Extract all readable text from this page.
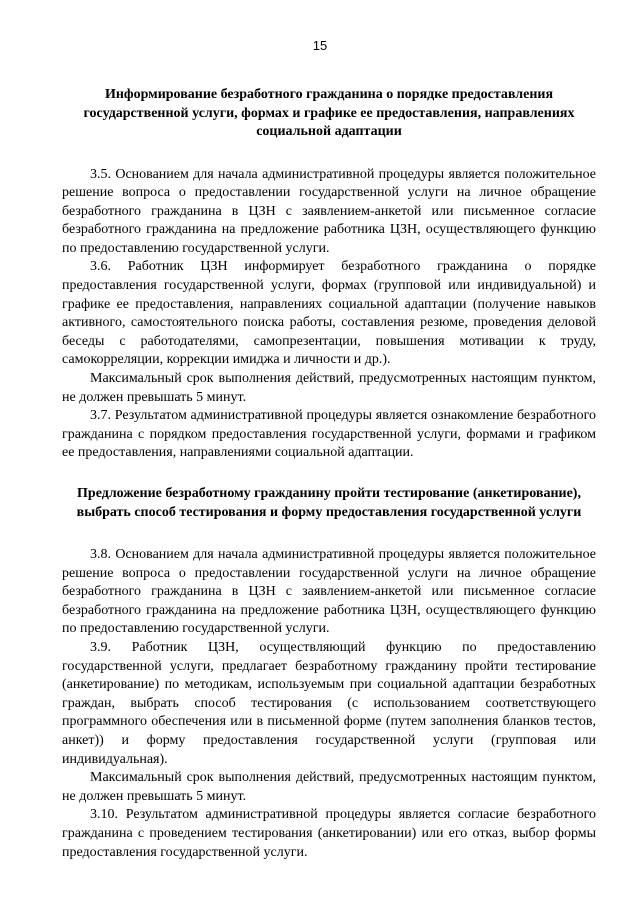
15
Информирование безработного гражданина о порядке предоставления государственной услуги, формах и графике ее предоставления, направлениях социальной адаптации

3.5. Основанием для начала административной процедуры является положительное решение вопроса о предоставлении государственной услуги на личное обращение безработного гражданина в ЦЗН с заявлением-анкетой или письменное согласие безработного гражданина на предложение работника ЦЗН, осуществляющего функцию по предоставлению государственной услуги.

3.6. Работник ЦЗН информирует безработного гражданина о порядке предоставления государственной услуги, формах (групповой или индивидуальной) и графике ее предоставления, направлениях социальной адаптации (получение навыков активного, самостоятельного поиска работы, составления резюме, проведения деловой беседы с работодателями, самопрезентации, повышения мотивации к труду, самокорреляции, коррекции имиджа и личности и др.).

Максимальный срок выполнения действий, предусмотренных настоящим пунктом, не должен превышать 5 минут.

3.7. Результатом административной процедуры является ознакомление безработного гражданина с порядком предоставления государственной услуги, формами и графиком ее предоставления, направлениями социальной адаптации.

Предложение безработному гражданину пройти тестирование (анкетирование), выбрать способ тестирования и форму предоставления государственной услуги

3.8. Основанием для начала административной процедуры является положительное решение вопроса о предоставлении государственной услуги на личное обращение безработного гражданина в ЦЗН с заявлением-анкетой или письменное согласие безработного гражданина на предложение работника ЦЗН, осуществляющего функцию по предоставлению государственной услуги.

3.9. Работник ЦЗН, осуществляющий функцию по предоставлению государственной услуги, предлагает безработному гражданину пройти тестирование (анкетирование) по методикам, используемым при социальной адаптации безработных граждан, выбрать способ тестирования (с использованием соответствующего программного обеспечения или в письменной форме (путем заполнения бланков тестов, анкет)) и форму предоставления государственной услуги (групповая или индивидуальная).

Максимальный срок выполнения действий, предусмотренных настоящим пунктом, не должен превышать 5 минут.

3.10. Результатом административной процедуры является согласие безработного гражданина с проведением тестирования (анкетировании) или его отказ, выбор формы предоставления государственной услуги.
